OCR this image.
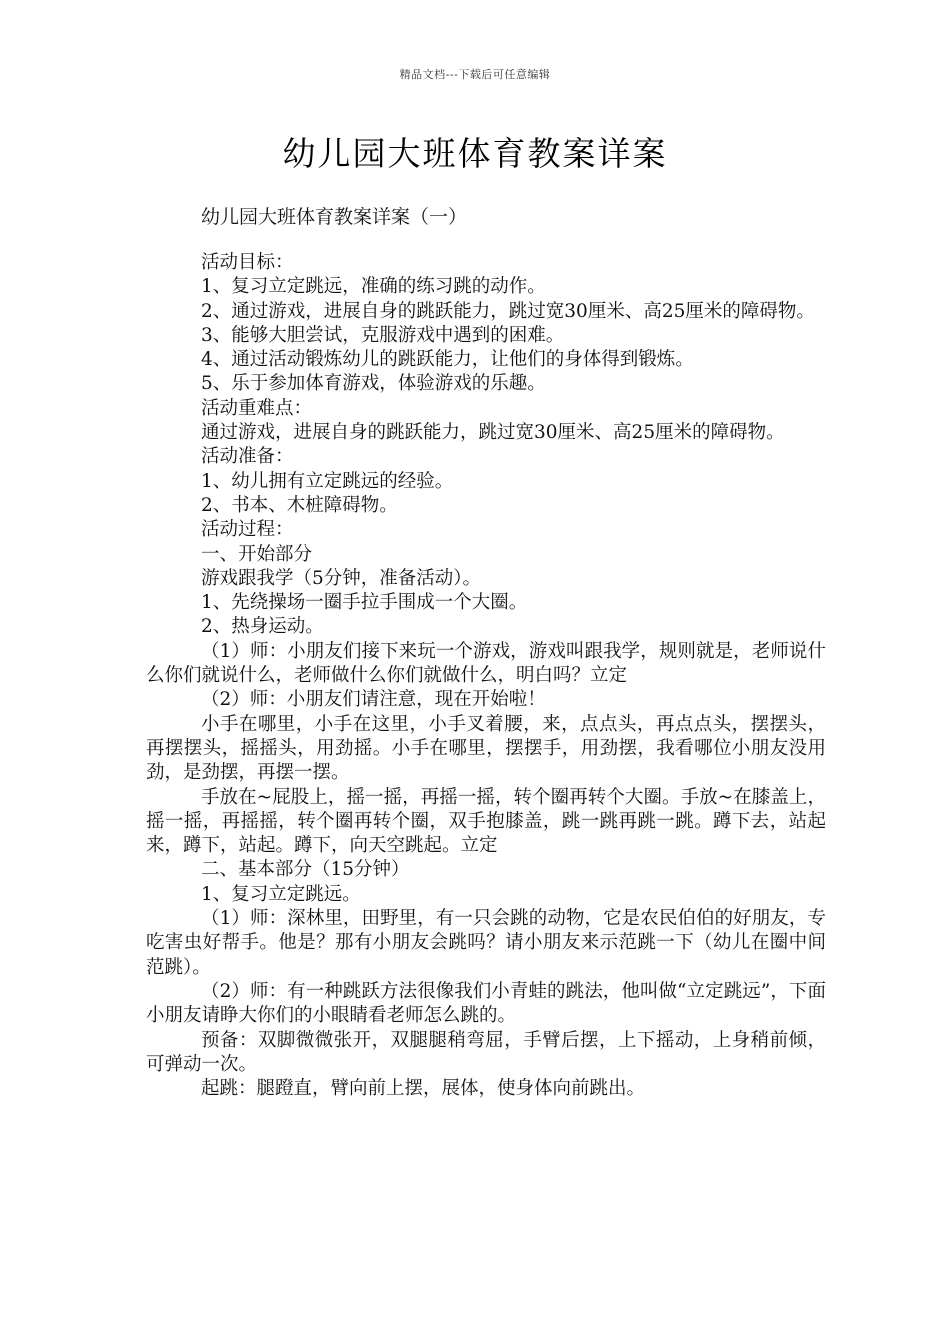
精品文档---下载后可任意编辑
幼儿园大班体育教案详案
幼儿园大班体育教案详案（一）

活动目标：

1、复习立定跳远，准确的练习跳的动作。

2、通过游戏，进展自身的跳跃能力，跳过宽30厘米、高25厘米的障碍物。

3、能够大胆尝试，克服游戏中遇到的困难。

4、通过活动锻炼幼儿的跳跃能力，让他们的身体得到锻炼。

5、乐于参加体育游戏，体验游戏的乐趣。

活动重难点：

通过游戏，进展自身的跳跃能力，跳过宽30厘米、高25厘米的障碍物。

活动准备：

1、幼儿拥有立定跳远的经验。

2、书本、木桩障碍物。

活动过程：

一、开始部分

游戏跟我学（5分钟，准备活动）。

1、先绕操场一圈手拉手围成一个大圈。

2、热身运动。

（1）师：小朋友们接下来玩一个游戏，游戏叫跟我学，规则就是，老师说什么你们就说什么，老师做什么你们就做什么，明白吗？立定

（2）师：小朋友们请注意，现在开始啦！

小手在哪里，小手在这里，小手叉着腰，来，点点头，再点点头，摆摆头，再摆摆头，摇摇头，用劲摇。小手在哪里，摆摆手，用劲摆，我看哪位小朋友没用劲，是劲摆，再摆一摆。

手放在~屁股上，摇一摇，再摇一摇，转个圈再转个大圈。手放~在膝盖上，摇一摇，再摇摇，转个圈再转个圈，双手抱膝盖，跳一跳再跳一跳。蹲下去，站起来，蹲下，站起。蹲下，向天空跳起。立定

二、基本部分（15分钟）

1、复习立定跳远。

（1）师：深林里，田野里，有一只会跳的动物，它是农民伯伯的好朋友，专吃害虫好帮手。他是？那有小朋友会跳吗？请小朋友来示范跳一下（幼儿在圈中间范跳）。

（2）师：有一种跳跃方法很像我们小青蛙的跳法，他叫做“立定跳远”，下面小朋友请睁大你们的小眼睛看老师怎么跳的。

预备：双脚微微张开，双腿腿稍弯屈，手臂后摆，上下摇动，上身稍前倾，可弹动一次。

起跳：腿蹬直，臂向前上摆，展体，使身体向前跳出。
